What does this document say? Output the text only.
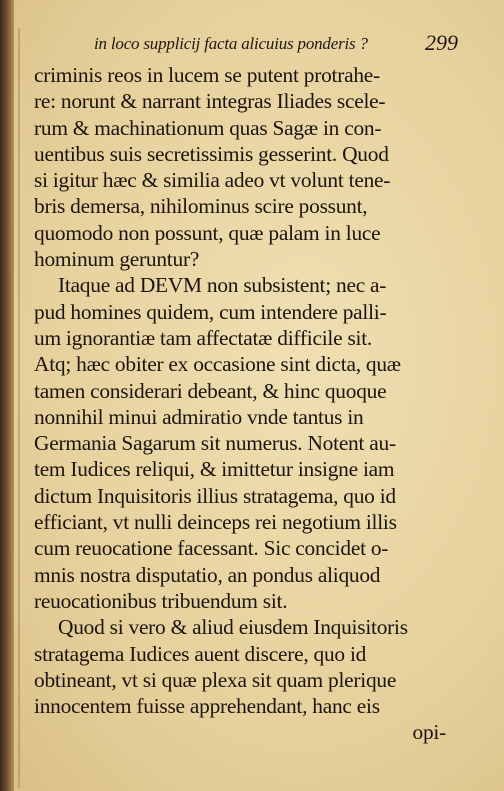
in loco supplicij facta alicuius ponderis ?	299
criminis reos in lucem se putent protrahe-
re: norunt & narrant integras Iliades scele-
rum & machinationum quas Sagæ in con-
uentibus suis secretissimis gesserint. Quod
si igitur hæc & similia adeo vt volunt tene-
bris demersa, nihilominus scire possunt,
quomodo non possunt, quæ palam in luce
hominum geruntur?
Itaque ad DEVM non subsistent; nec a-
pud homines quidem, cum intendere palli-
um ignorantiæ tam affectatæ difficile sit.
Atq; hæc obiter ex occasione sint dicta, quæ
tamen considerari debeant, & hinc quoque
nonnihil minui admiratio vnde tantus in
Germania Sagarum sit numerus. Notent au-
tem Iudices reliqui, & imittetur insigne iam
dictum Inquisitoris illius stratagema, quo id
efficiant, vt nulli deinceps rei negotium illis
cum reuocatione facessant. Sic concidet o-
mnis nostra disputatio, an pondus aliquod
reuocationibus tribuendum sit.
Quod si vero & aliud eiusdem Inquisitoris
stratagema Iudices auent discere, quo id
obtineant, vt si quæ plexa sit quam plerique
innocentem fuisse apprehendant, hanc eis
opi-
